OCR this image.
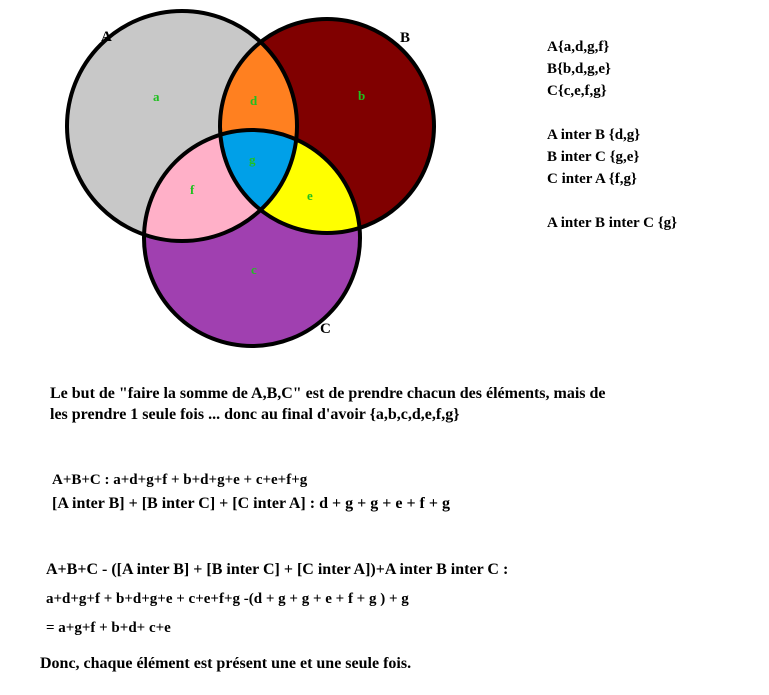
A	B
C
a	b
d
g
f	e
c
A{a,d,g,f}
B{b,d,g,e}
C{c,e,f,g}
A inter B {d,g}
B inter C {g,e}
C inter A {f,g}
A inter B inter C {g}
Le but de "faire la somme de A,B,C" est de prendre chacun des éléments, mais de
les prendre 1 seule fois ... donc au final d'avoir {a,b,c,d,e,f,g}
A+B+C : a+d+g+f + b+d+g+e + c+e+f+g
[A inter B] + [B inter C] + [C inter A] : d + g + g + e + f + g
A+B+C - ([A inter B] + [B inter C] + [C inter A])+A inter B inter C :
a+d+g+f + b+d+g+e + c+e+f+g -(d + g + g + e + f + g ) + g
= a+g+f + b+d+ c+e
Donc, chaque élément est présent une et une seule fois.
